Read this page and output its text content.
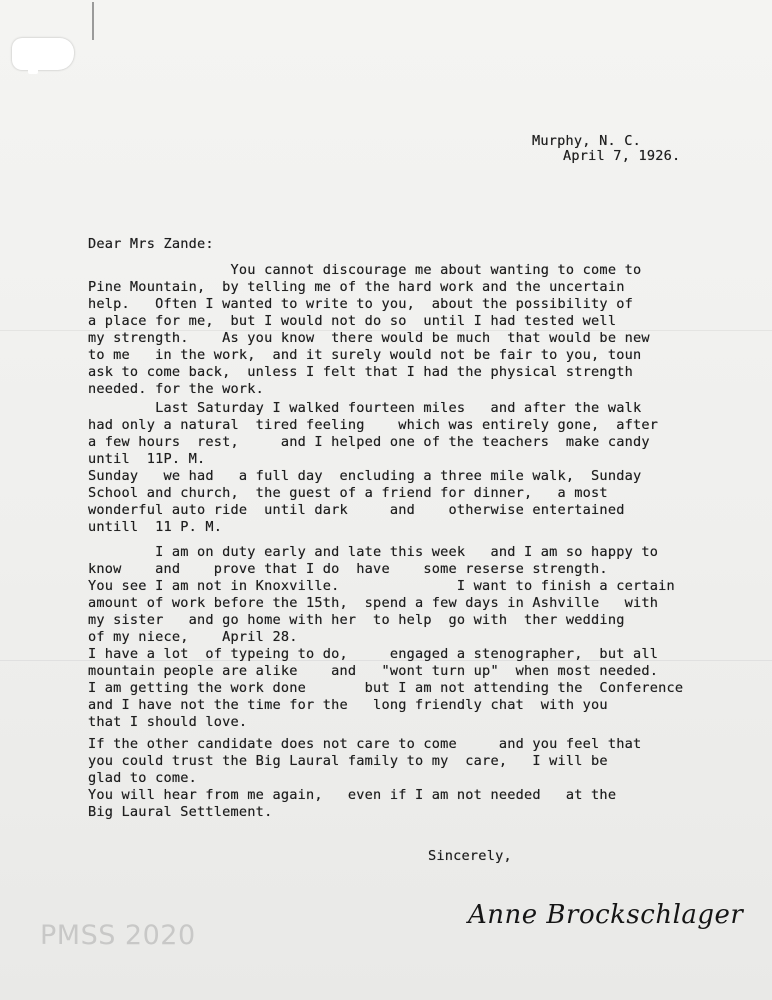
Murphy, N. C.
April 7, 1926.
Dear Mrs Zande:
You cannot discourage me about wanting to come to
Pine Mountain,  by telling me of the hard work and the uncertain
help.   Often I wanted to write to you,  about the possibility of
a place for me,  but I would not do so  until I had tested well
my strength.    As you know  there would be much  that would be new
to me   in the work,  and it surely would not be fair to you, toun
ask to come back,  unless I felt that I had the physical strength
needed. for the work.
Last Saturday I walked fourteen miles   and after the walk
had only a natural  tired feeling    which was entirely gone,  after
a few hours  rest,     and I helped one of the teachers  make candy
until  11P. M.
Sunday   we had   a full day  encluding a three mile walk,  Sunday
School and church,  the guest of a friend for dinner,   a most
wonderful auto ride  until dark     and    otherwise entertained
untill  11 P. M.
I am on duty early and late this week   and I am so happy to
know    and    prove that I do  have    some reserse strength.
You see I am not in Knoxville.              I want to finish a certain
amount of work before the 15th,  spend a few days in Ashville   with
my sister   and go home with her  to help  go with  ther wedding
of my niece,    April 28.
I have a lot  of typeing to do,     engaged a stenographer,  but all
mountain people are alike    and   "wont turn up"  when most needed.
I am getting the work done       but I am not attending the  Conference
and I have not the time for the   long friendly chat  with you
that I should love.
If the other candidate does not care to come     and you feel that
you could trust the Big Laural family to my  care,   I will be
glad to come.
You will hear from me again,   even if I am not needed   at the
Big Laural Settlement.
Sincerely,
Anne Brockschlager
PMSS 2020
